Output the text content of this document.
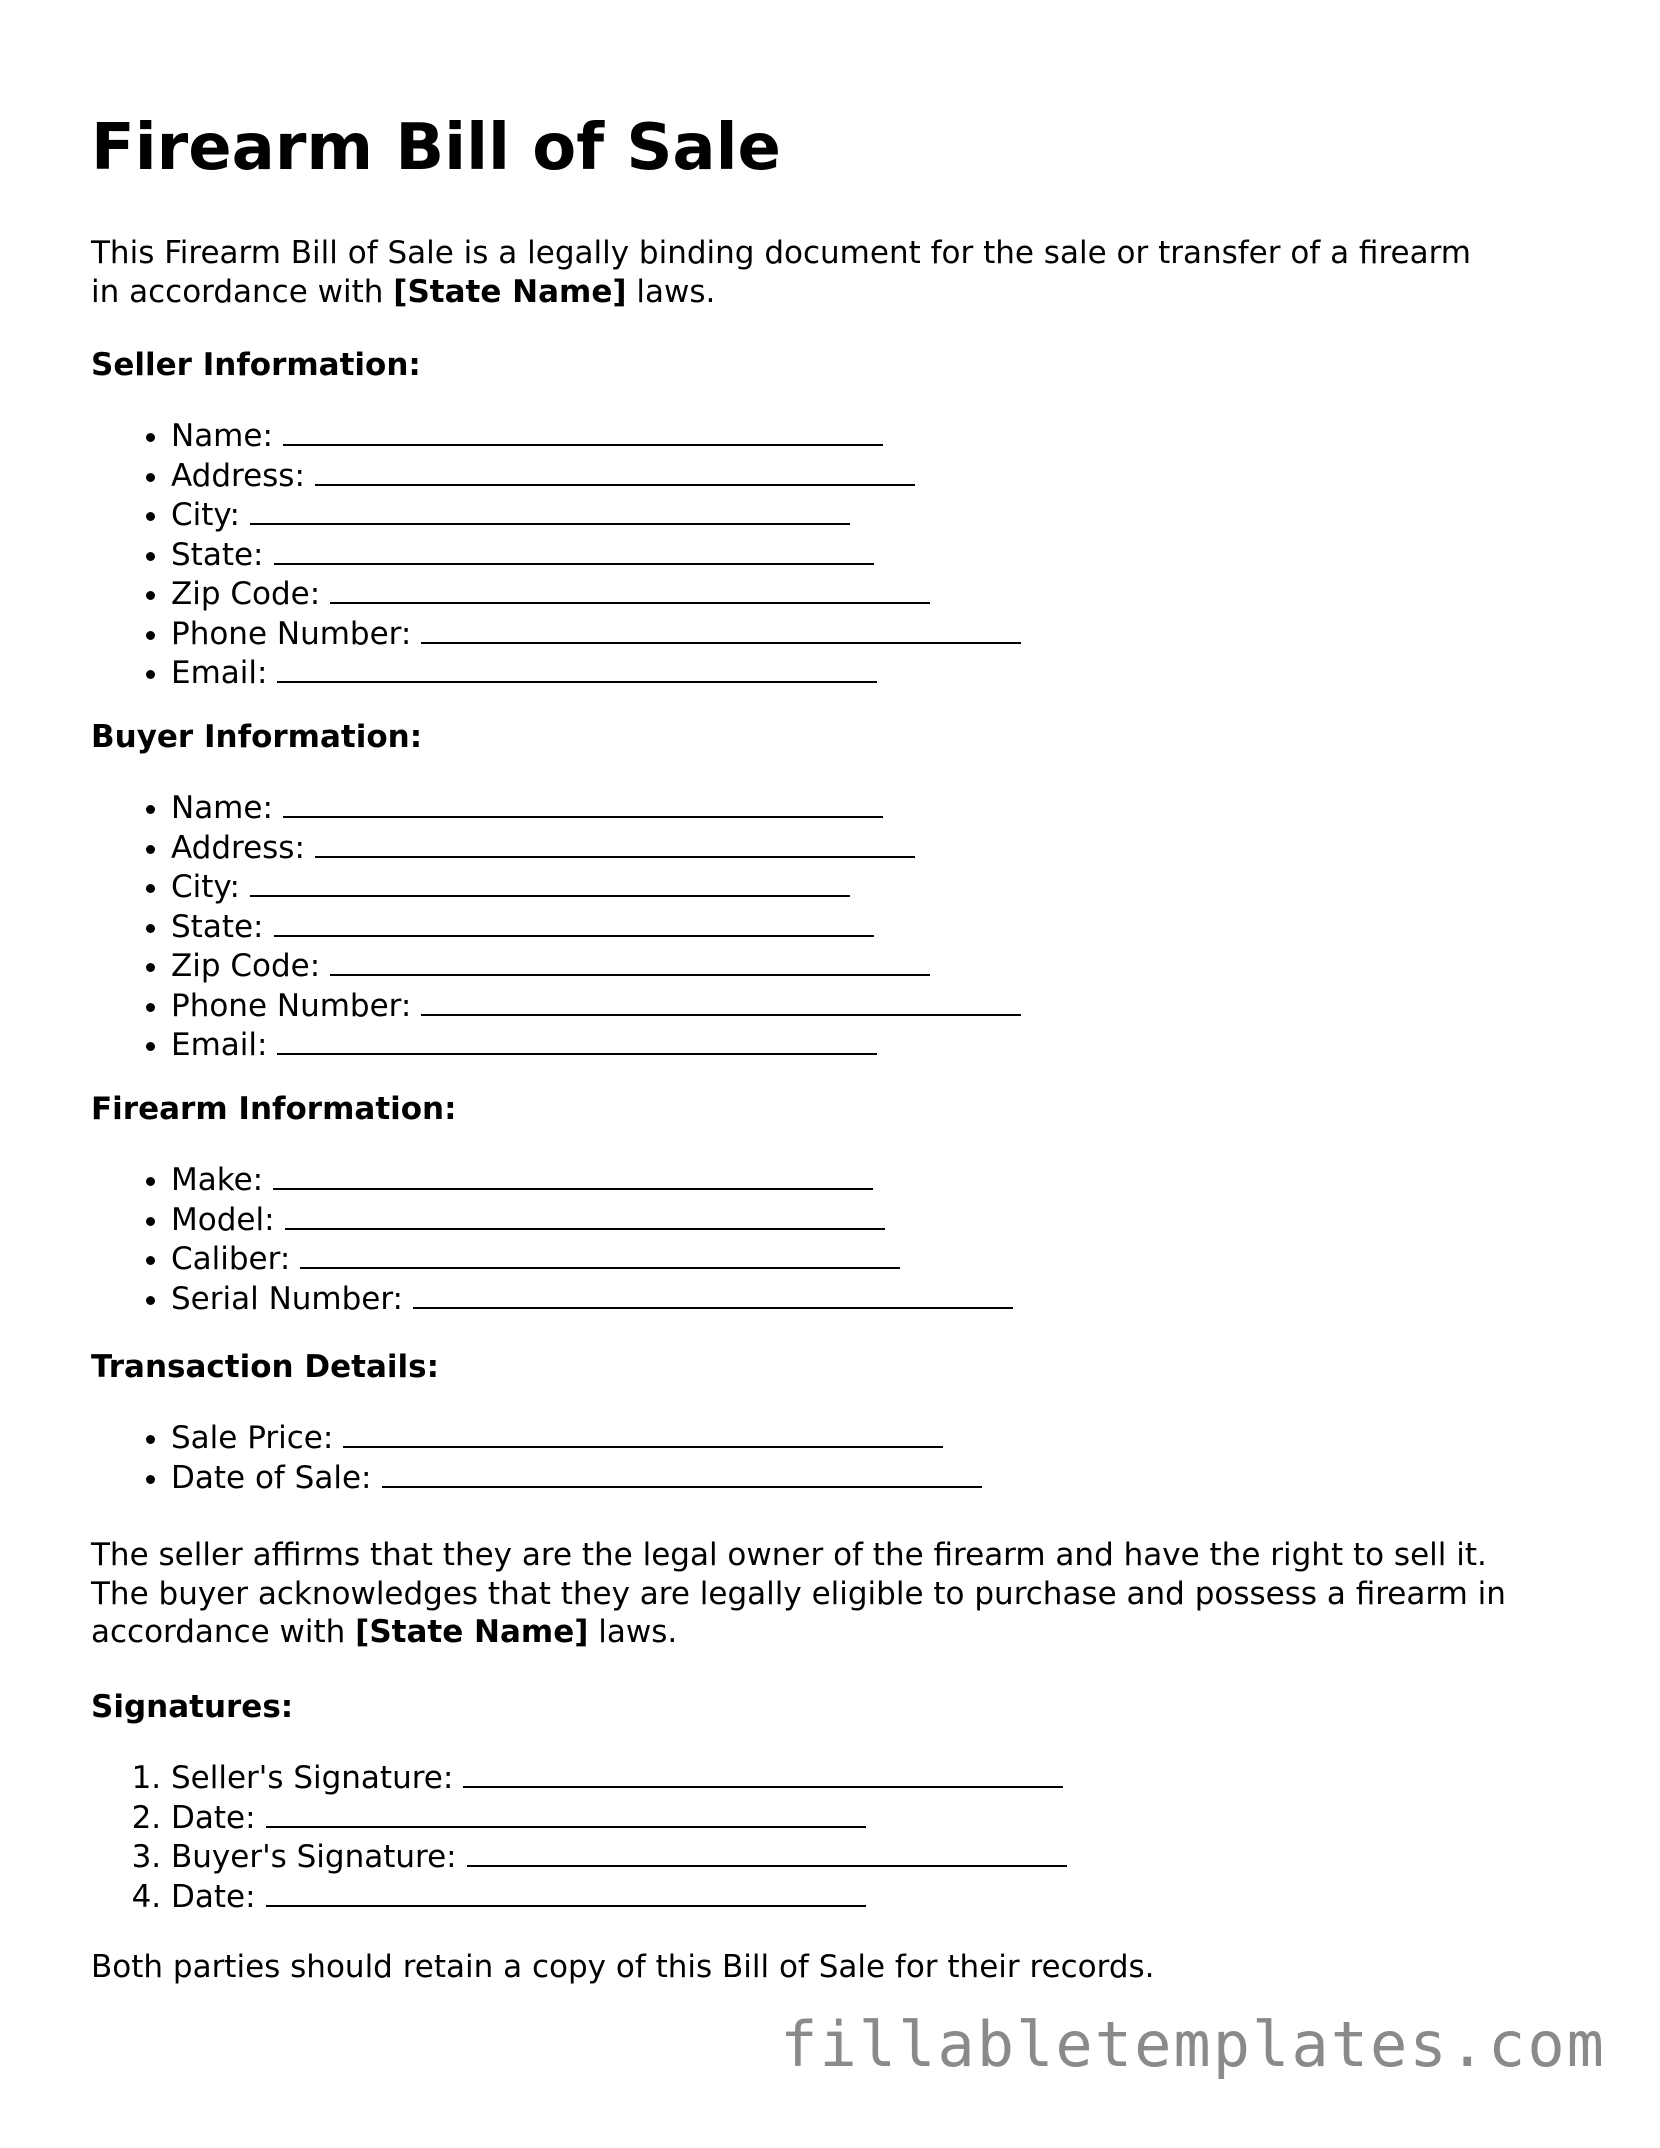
Firearm Bill of Sale

This Firearm Bill of Sale is a legally binding document for the sale or transfer of a firearm
in accordance with [State Name] laws.

Seller Information:

• Name:
• Address:
• City:
• State:
• Zip Code:
• Phone Number:
• Email:

Buyer Information:

• Name:
• Address:
• City:
• State:
• Zip Code:
• Phone Number:
• Email:

Firearm Information:

• Make:
• Model:
• Caliber:
• Serial Number:

Transaction Details:

• Sale Price:
• Date of Sale:

The seller affirms that they are the legal owner of the firearm and have the right to sell it.
The buyer acknowledges that they are legally eligible to purchase and possess a firearm in
accordance with [State Name] laws.

Signatures:

1. Seller's Signature:
2. Date:
3. Buyer's Signature:
4. Date:

Both parties should retain a copy of this Bill of Sale for their records.

fillabletemplates.com
